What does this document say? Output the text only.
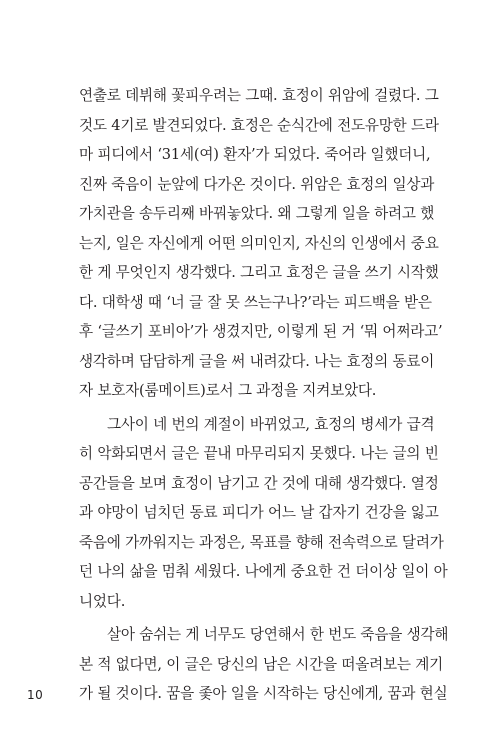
연출로 데뷔해 꽃피우려는 그때. 효정이 위암에 걸렸다. 그
것도 4기로 발견되었다. 효정은 순식간에 전도유망한 드라
마 피디에서 ‘31세(여) 환자’가 되었다. 죽어라 일했더니,
진짜 죽음이 눈앞에 다가온 것이다. 위암은 효정의 일상과
가치관을 송두리째 바꿔놓았다. 왜 그렇게 일을 하려고 했
는지, 일은 자신에게 어떤 의미인지, 자신의 인생에서 중요
한 게 무엇인지 생각했다. 그리고 효정은 글을 쓰기 시작했
다. 대학생 때 ‘너 글 잘 못 쓰는구나?’라는 피드백을 받은
후 ‘글쓰기 포비아’가 생겼지만, 이렇게 된 거 ‘뭐 어쩌라고’
생각하며 담담하게 글을 써 내려갔다. 나는 효정의 동료이
자 보호자(룸메이트)로서 그 과정을 지켜보았다.
그사이 네 번의 계절이 바뀌었고, 효정의 병세가 급격
히 악화되면서 글은 끝내 마무리되지 못했다. 나는 글의 빈
공간들을 보며 효정이 남기고 간 것에 대해 생각했다. 열정
과 야망이 넘치던 동료 피디가 어느 날 갑자기 건강을 잃고
죽음에 가까워지는 과정은, 목표를 향해 전속력으로 달려가
던 나의 삶을 멈춰 세웠다. 나에게 중요한 건 더이상 일이 아
니었다.
살아 숨쉬는 게 너무도 당연해서 한 번도 죽음을 생각해
본 적 없다면, 이 글은 당신의 남은 시간을 떠올려보는 계기
가 될 것이다. 꿈을 좇아 일을 시작하는 당신에게, 꿈과 현실
10
